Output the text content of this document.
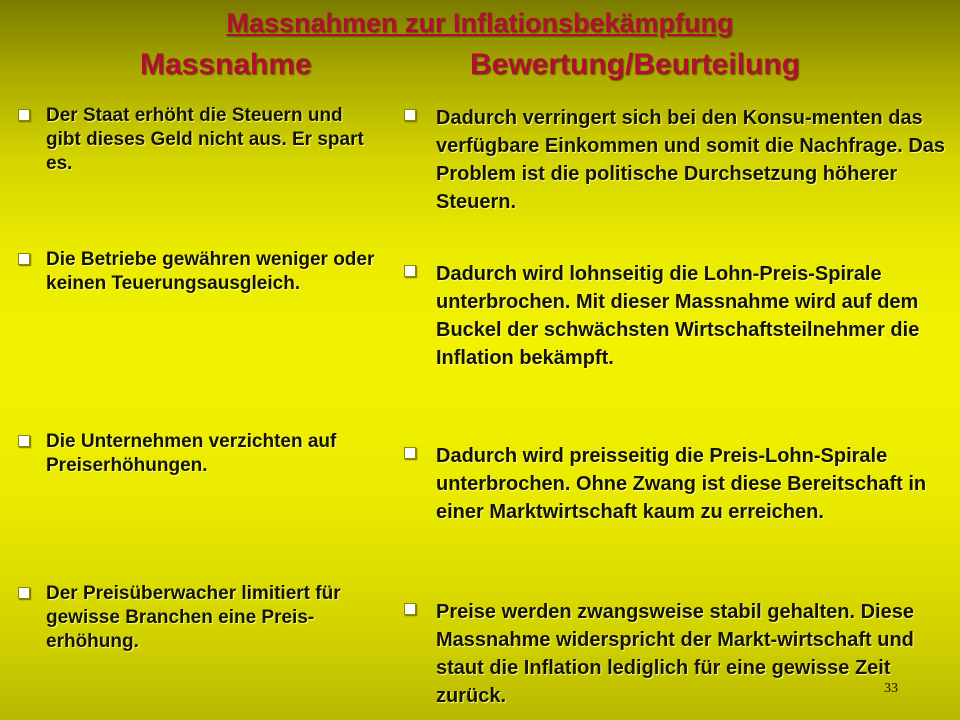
Massnahmen zur Inflationsbekämpfung
Massnahme	Bewertung/Beurteilung
Der Staat erhöht die Steuern und gibt dieses Geld nicht aus. Er spart es.
Die Betriebe gewähren weniger oder keinen Teuerungsausgleich.
Die Unternehmen verzichten auf Preiserhöhungen.
Der Preisüberwacher limitiert für gewisse Branchen eine Preis-erhöhung.
Dadurch verringert sich bei den Konsu-menten das verfügbare Einkommen und somit die Nachfrage. Das Problem ist die politische Durchsetzung höherer Steuern.
Dadurch wird lohnseitig die Lohn-Preis-Spirale unterbrochen. Mit dieser Massnahme wird auf dem Buckel der schwächsten Wirtschaftsteilnehmer die Inflation bekämpft.
Dadurch wird preisseitig die Preis-Lohn-Spirale unterbrochen. Ohne Zwang ist diese Bereitschaft in einer Marktwirtschaft kaum zu erreichen.
Preise werden zwangsweise stabil gehalten. Diese Massnahme widerspricht der Markt-wirtschaft und staut die Inflation lediglich für eine gewisse Zeit zurück.	33
